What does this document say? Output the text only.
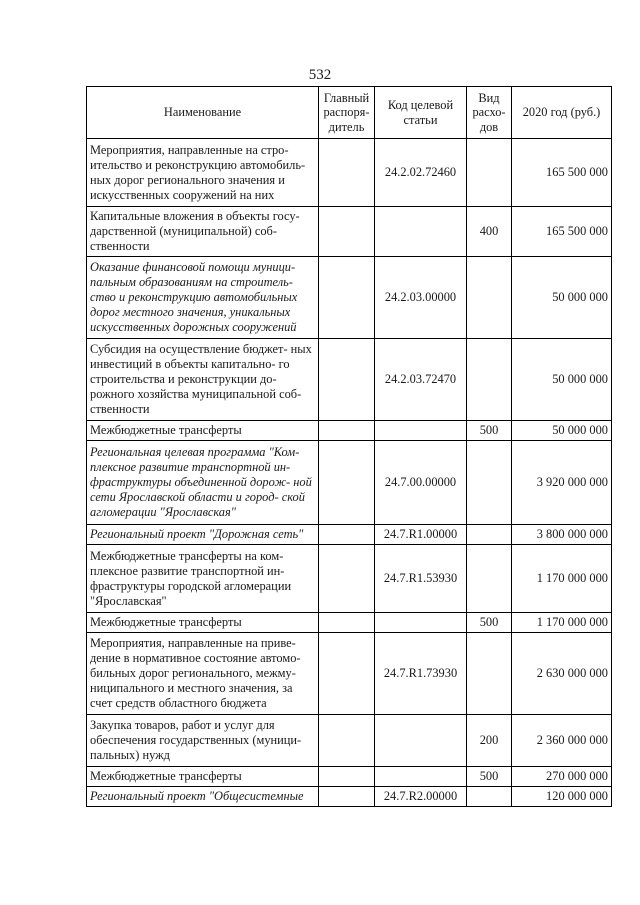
532
Наименование	Главный распоря- дитель	Код целевой статьи	Вид расхо- дов	2020 год (руб.)
Мероприятия, направленные на стро- ительство и реконструкцию автомобиль- ных дорог регионального значения и искусственных сооружений на них		24.2.02.72460		165 500 000
Капитальные вложения в объекты госу- дарственной (муниципальной) соб- ственности			400	165 500 000
Оказание финансовой помощи муници- пальным образованиям на строитель- ство и реконструкцию автомобильных дорог местного значения, уникальных искусственных дорожных сооружений		24.2.03.00000		50 000 000
Субсидия на осуществление бюджет- ных инвестиций в объекты капитально- го строительства и реконструкции до- рожного хозяйства муниципальной соб- ственности		24.2.03.72470		50 000 000
Межбюджетные трансферты			500	50 000 000
Региональная целевая программа "Ком- плексное развитие транспортной ин- фраструктуры объединенной дорож- ной сети Ярославской области и город- ской агломерации "Ярославская"		24.7.00.00000		3 920 000 000
Региональный проект "Дорожная сеть"		24.7.R1.00000		3 800 000 000
Межбюджетные трансферты на ком- плексное развитие транспортной ин- фраструктуры городской агломерации "Ярославская"		24.7.R1.53930		1 170 000 000
Межбюджетные трансферты			500	1 170 000 000
Мероприятия, направленные на приве- дение в нормативное состояние автомо- бильных дорог регионального, межму- ниципального и местного значения, за счет средств областного бюджета		24.7.R1.73930		2 630 000 000
Закупка товаров, работ и услуг для обеспечения государственных (муници- пальных) нужд			200	2 360 000 000
Межбюджетные трансферты			500	270 000 000
Региональный проект "Общесистемные		24.7.R2.00000		120 000 000
